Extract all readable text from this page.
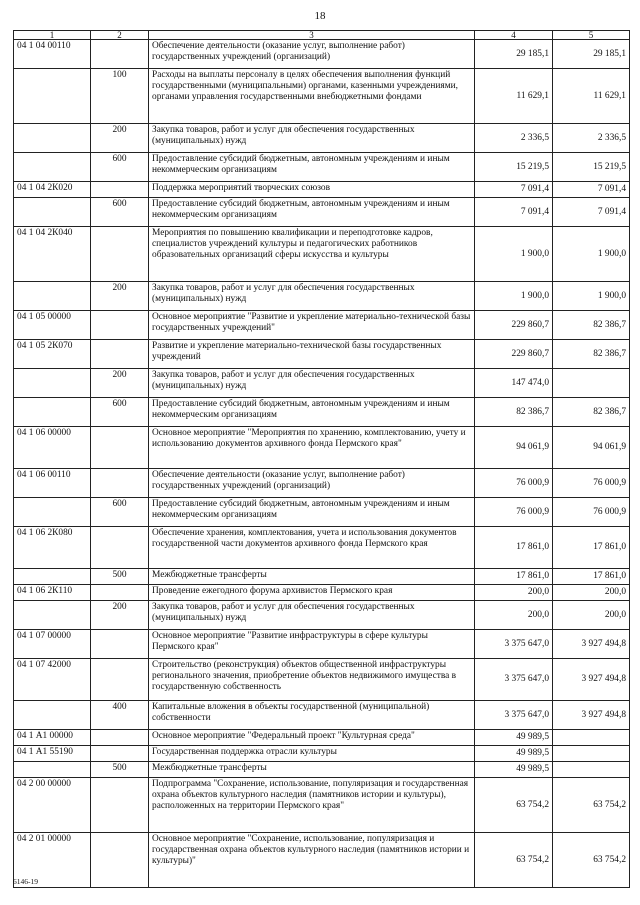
18
1	2	3	4	5
04 1 04 00110		Обеспечение деятельности (оказание услуг, выполнение работ) государственных учреждений (организаций)	29 185,1	29 185,1
	100	Расходы на выплаты персоналу в целях обеспечения выполнения функций государственными (муниципальными) органами, казенными учреждениями, органами управления государственными внебюджетными фондами	11 629,1	11 629,1
	200	Закупка товаров, работ и услуг для обеспечения государственных (муниципальных) нужд	2 336,5	2 336,5
	600	Предоставление субсидий бюджетным, автономным учреждениям и иным некоммерческим организациям	15 219,5	15 219,5
04 1 04 2К020		Поддержка мероприятий творческих союзов	7 091,4	7 091,4
	600	Предоставление субсидий бюджетным, автономным учреждениям и иным некоммерческим организациям	7 091,4	7 091,4
04 1 04 2К040		Мероприятия по повышению квалификации и переподготовке кадров, специалистов учреждений культуры и педагогических работников образовательных организаций сферы искусства и культуры	1 900,0	1 900,0
	200	Закупка товаров, работ и услуг для обеспечения государственных (муниципальных) нужд	1 900,0	1 900,0
04 1 05 00000		Основное мероприятие "Развитие и укрепление материально-технической базы государственных учреждений"	229 860,7	82 386,7
04 1 05 2К070		Развитие и укрепление материально-технической базы государственных учреждений	229 860,7	82 386,7
	200	Закупка товаров, работ и услуг для обеспечения государственных (муниципальных) нужд	147 474,0	
	600	Предоставление субсидий бюджетным, автономным учреждениям и иным некоммерческим организациям	82 386,7	82 386,7
04 1 06 00000		Основное мероприятие "Мероприятия по хранению, комплектованию, учету и использованию документов архивного фонда Пермского края"	94 061,9	94 061,9
04 1 06 00110		Обеспечение деятельности (оказание услуг, выполнение работ) государственных учреждений (организаций)	76 000,9	76 000,9
	600	Предоставление субсидий бюджетным, автономным учреждениям и иным некоммерческим организациям	76 000,9	76 000,9
04 1 06 2К080		Обеспечение хранения, комплектования, учета и использования документов государственной части документов архивного фонда Пермского края	17 861,0	17 861,0
	500	Межбюджетные трансферты	17 861,0	17 861,0
04 1 06 2К110		Проведение ежегодного форума архивистов Пермского края	200,0	200,0
	200	Закупка товаров, работ и услуг для обеспечения государственных (муниципальных) нужд	200,0	200,0
04 1 07 00000		Основное мероприятие "Развитие инфраструктуры в сфере культуры Пермского края"	3 375 647,0	3 927 494,8
04 1 07 42000		Строительство (реконструкция) объектов общественной инфраструктуры регионального значения, приобретение объектов недвижимого имущества в государственную собственность	3 375 647,0	3 927 494,8
	400	Капитальные вложения в объекты государственной (муниципальной) собственности	3 375 647,0	3 927 494,8
04 1 А1 00000		Основное мероприятие "Федеральный проект "Культурная среда"	49 989,5	
04 1 А1 55190		Государственная поддержка отрасли культуры	49 989,5	
	500	Межбюджетные трансферты	49 989,5	
04 2 00 00000		Подпрограмма "Сохранение, использование, популяризация и государственная охрана объектов культурного наследия (памятников истории и культуры), расположенных на территории Пермского края"	63 754,2	63 754,2
04 2 01 00000		Основное мероприятие "Сохранение, использование, популяризация и государственная охрана объектов культурного наследия (памятников истории и культуры)"	63 754,2	63 754,2
6146-19
